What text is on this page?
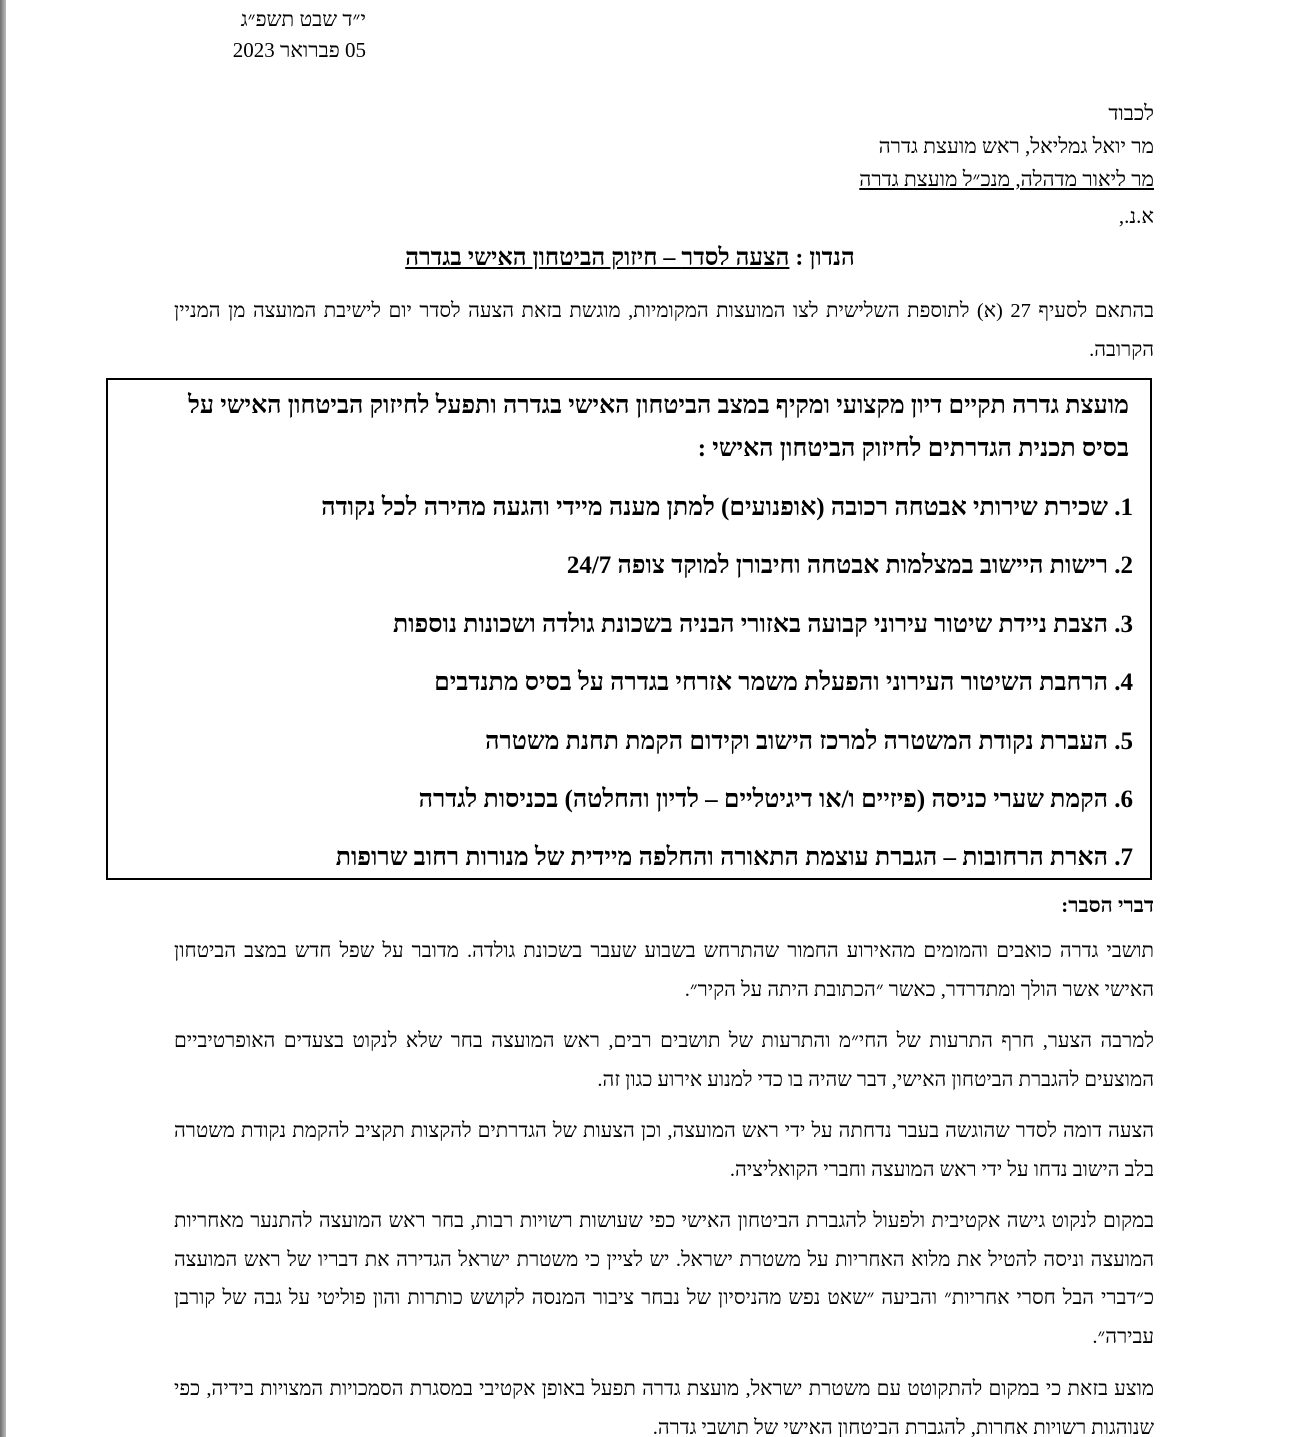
י״ד שבט תשפ״ג
05 פברואר 2023
לכבוד
מר יואל גמליאל, ראש מועצת גדרה
מר ליאור מדהלה, מנכ״ל מועצת גדרה
א.נ.,
הנדון : הצעה לסדר – חיזוק הביטחון האישי בגדרה
בהתאם לסעיף 27 (א) לתוספת השלישית לצו המועצות המקומיות, מוגשת בזאת הצעה לסדר יום לישיבת המועצה מן המניין הקרובה.
מועצת גדרה תקיים דיון מקצועי ומקיף במצב הביטחון האישי בגדרה ותפעל לחיזוק הביטחון האישי על בסיס תכנית הגדרתים לחיזוק הביטחון האישי :
1. שכירת שירותי אבטחה רכובה (אופנועים) למתן מענה מיידי והגעה מהירה לכל נקודה
2. רישות היישוב במצלמות אבטחה וחיבורן למוקד צופה 24/7
3. הצבת ניידת שיטור עירוני קבועה באזורי הבניה בשכונת גולדה ושכונות נוספות
4. הרחבת השיטור העירוני והפעלת משמר אזרחי בגדרה על בסיס מתנדבים
5. העברת נקודת המשטרה למרכז הישוב וקידום הקמת תחנת משטרה
6. הקמת שערי כניסה (פיזיים ו/או דיגיטליים – לדיון והחלטה) בכניסות לגדרה
7. הארת הרחובות – הגברת עוצמת התאורה והחלפה מיידית של מנורות רחוב שרופות
דברי הסבר:
תושבי גדרה כואבים והמומים מהאירוע החמור שהתרחש בשבוע שעבר בשכונת גולדה. מדובר על שפל חדש במצב הביטחון האישי אשר הולך ומתדרדר, כאשר ״הכתובת היתה על הקיר״.
למרבה הצער, חרף התרעות של החי״מ והתרעות של תושבים רבים, ראש המועצה בחר שלא לנקוט בצעדים האופרטיביים המוצעים להגברת הביטחון האישי, דבר שהיה בו כדי למנוע אירוע כגון זה.
הצעה דומה לסדר שהוגשה בעבר נדחתה על ידי ראש המועצה, וכן הצעות של הגדרתים להקצות תקציב להקמת נקודת משטרה בלב הישוב נדחו על ידי ראש המועצה וחברי הקואליציה.
במקום לנקוט גישה אקטיבית ולפעול להגברת הביטחון האישי כפי שעושות רשויות רבות, בחר ראש המועצה להתנער מאחריות המועצה וניסה להטיל את מלוא האחריות על משטרת ישראל. יש לציין כי משטרת ישראל הגדירה את דבריו של ראש המועצה כ״דברי הבל חסרי אחריות״ והביעה ״שאט נפש מהניסיון של נבחר ציבור המנסה לקושש כותרות והון פוליטי על גבה של קורבן עבירה״.
מוצע בזאת כי במקום להתקוטט עם משטרת ישראל, מועצת גדרה תפעל באופן אקטיבי במסגרת הסמכויות המצויות בידיה, כפי שנוהגות רשויות אחרות, להגברת הביטחון האישי של תושבי גדרה.
